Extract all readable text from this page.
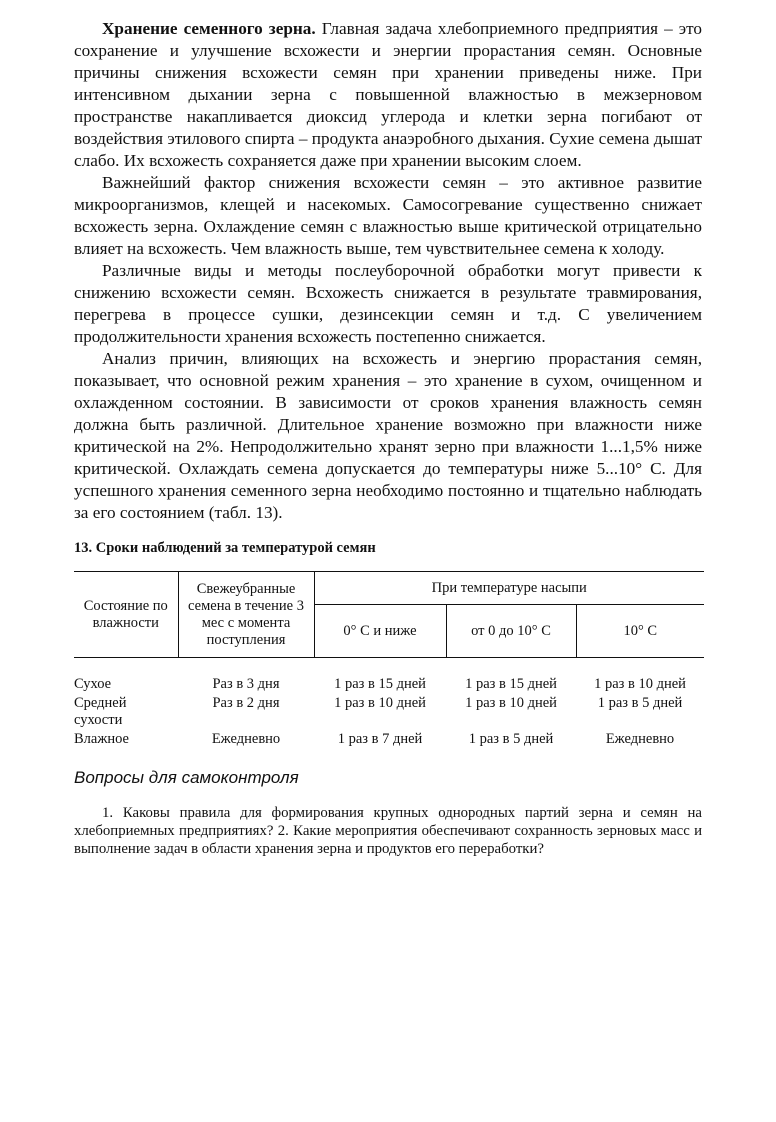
Хранение семенного зерна. Главная задача хлебоприемного предприятия – это сохранение и улучшение всхожести и энергии прорастания семян. Основные причины снижения всхожести семян при хранении приведены ниже. При интенсивном дыхании зерна с повышенной влажностью в межзерновом пространстве накапливается диоксид углерода и клетки зерна погибают от воздействия этилового спирта – продукта анаэробного дыхания. Сухие семена дышат слабо. Их всхожесть сохраняется даже при хранении высоким слоем.

Важнейший фактор снижения всхожести семян – это активное развитие микроорганизмов, клещей и насекомых. Самосогревание существенно снижает всхожесть зерна. Охлаждение семян с влажностью выше критической отрицательно влияет на всхожесть. Чем влажность выше, тем чувствительнее семена к холоду.

Различные виды и методы послеуборочной обработки могут привести к снижению всхожести семян. Всхожесть снижается в результате травмирования, перегрева в процессе сушки, дезинсекции семян и т.д. С увеличением продолжительности хранения всхожесть постепенно снижается.

Анализ причин, влияющих на всхожесть и энергию прорастания семян, показывает, что основной режим хранения – это хранение в сухом, очищенном и охлажденном состоянии. В зависимости от сроков хранения влажность семян должна быть различной. Длительное хранение возможно при влажности ниже критической на 2%. Непродолжительно хранят зерно при влажности 1...1,5% ниже критической. Охлаждать семена допускается до температуры ниже 5...10° С. Для успешного хранения семенного зерна необходимо постоянно и тщательно наблюдать за его состоянием (табл. 13).

13. Сроки наблюдений за температурой семян
Состояние по влажности	Свежеубранные семена в течение 3 мес с момента поступления	При температуре насыпи		
		0° С и ниже	от 0 до 10° С	10° С
Сухое	Раз в 3 дня	1 раз в 15 дней	1 раз в 15 дней	1 раз в 10 дней
Средней сухости	Раз в 2 дня	1 раз в 10 дней	1 раз в 10 дней	1 раз в 5 дней
Влажное	Ежедневно	1 раз в 7 дней	1 раз в 5 дней	Ежедневно
Вопросы для самоконтроля

1. Каковы правила для формирования крупных однородных партий зерна и семян на хлебоприемных предприятиях? 2. Какие мероприятия обеспечивают сохранность зерновых масс и выполнение задач в области хранения зерна и продуктов его переработки?
